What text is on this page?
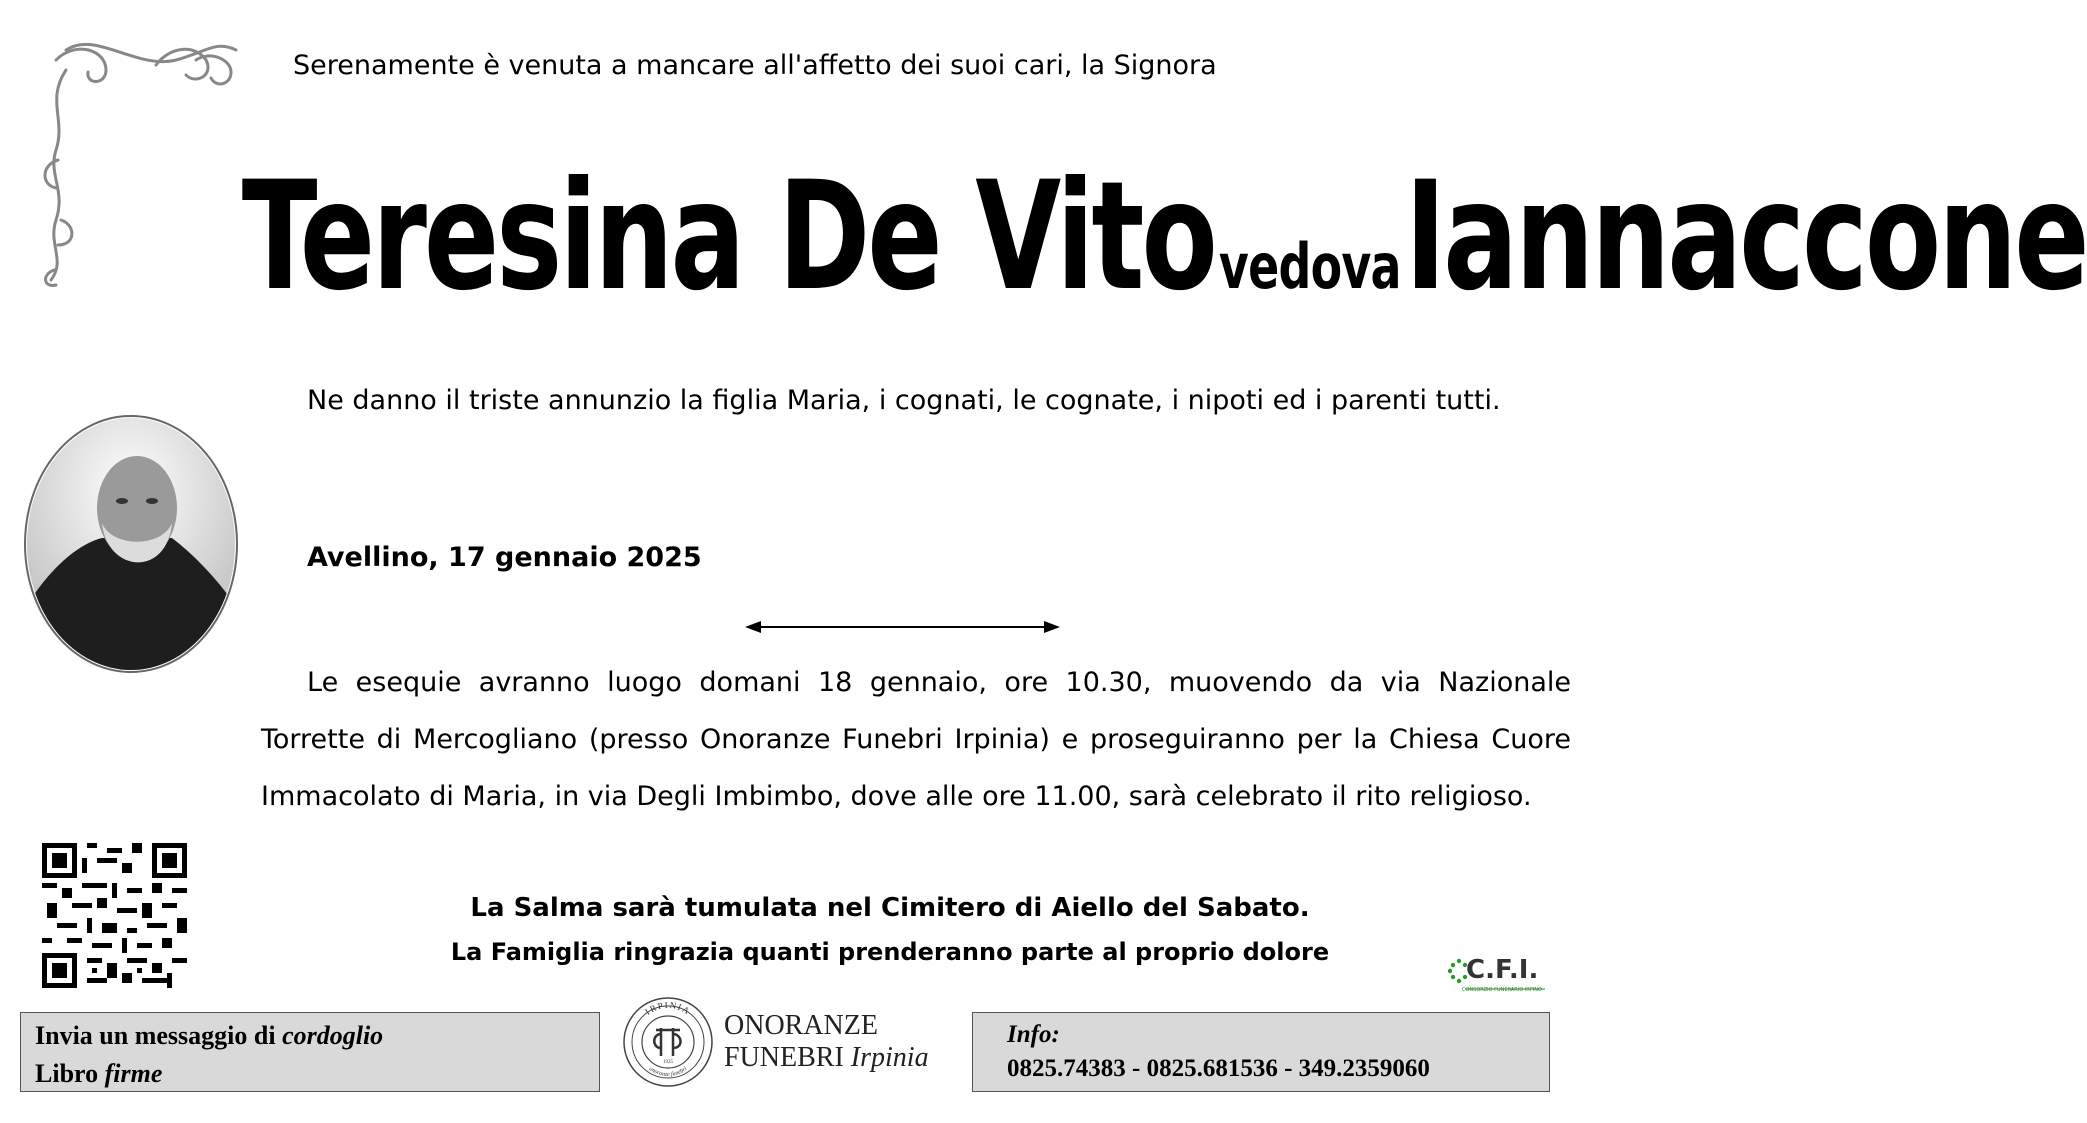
Serenamente è venuta a mancare all'affetto dei suoi cari, la Signora
Teresina De Vito vedova Iannaccone
Ne danno il triste annunzio la figlia Maria, i cognati, le cognate, i nipoti ed i parenti tutti.
Avellino, 17 gennaio 2025
Le esequie avranno luogo domani 18 gennaio, ore 10.30, muovendo da via Nazionale Torrette di Mercogliano (presso Onoranze Funebri Irpinia) e proseguiranno per la Chiesa Cuore Immacolato di Maria, in via Degli Imbimbo, dove alle ore 11.00, sarà celebrato il rito religioso.
La Salma sarà tumulata nel Cimitero di Aiello del Sabato.
La Famiglia ringrazia quanti prenderanno parte al proprio dolore
C.F.I.
CONSORZIO FUNERARIO IRPINO
Invia un messaggio di cordoglio
Libro firme
IRPINIA
onoranze funebri
1925
ONORANZE
FUNEBRI Irpinia
Info:
0825.74383 - 0825.681536 - 349.2359060
